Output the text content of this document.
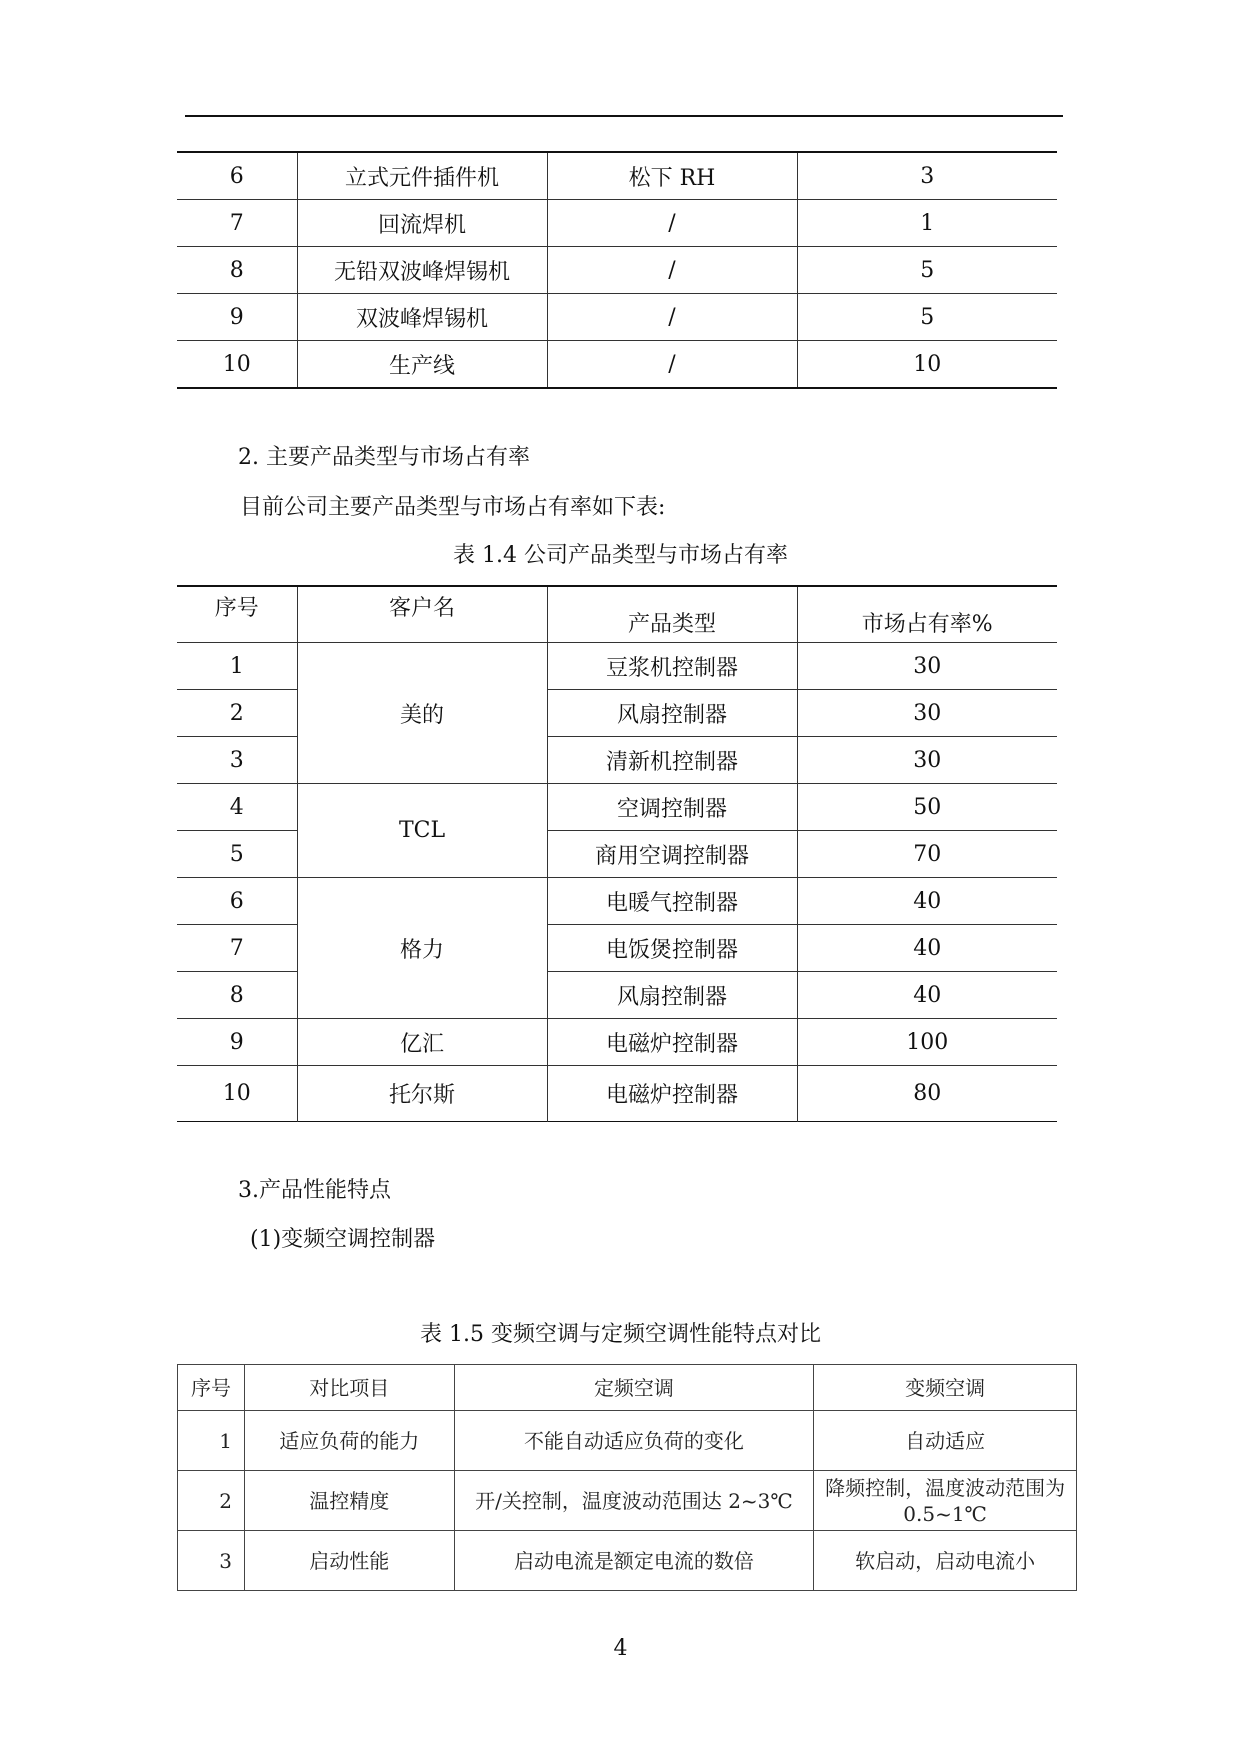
6	立式元件插件机	松下 RH	3
7	回流焊机	/	1
8	无铅双波峰焊锡机	/	5
9	双波峰焊锡机	/	5
10	生产线	/	10
2. 主要产品类型与市场占有率
目前公司主要产品类型与市场占有率如下表:
表 1.4 公司产品类型与市场占有率
序号	客户名	产品类型	市场占有率%
1	美的	豆浆机控制器	30
2		风扇控制器	30
3		清新机控制器	30
4	TCL	空调控制器	50
5		商用空调控制器	70
6	格力	电暖气控制器	40
7		电饭煲控制器	40
8		风扇控制器	40
9	亿汇	电磁炉控制器	100
10	托尔斯	电磁炉控制器	80
3.产品性能特点
(1)变频空调控制器
表 1.5 变频空调与定频空调性能特点对比
序号	对比项目	定频空调	变频空调
1	适应负荷的能力	不能自动适应负荷的变化	自动适应
2	温控精度	开/关控制，温度波动范围达 2~3℃	降频控制，温度波动范围为 0.5~1℃
3	启动性能	启动电流是额定电流的数倍	软启动，启动电流小
4
